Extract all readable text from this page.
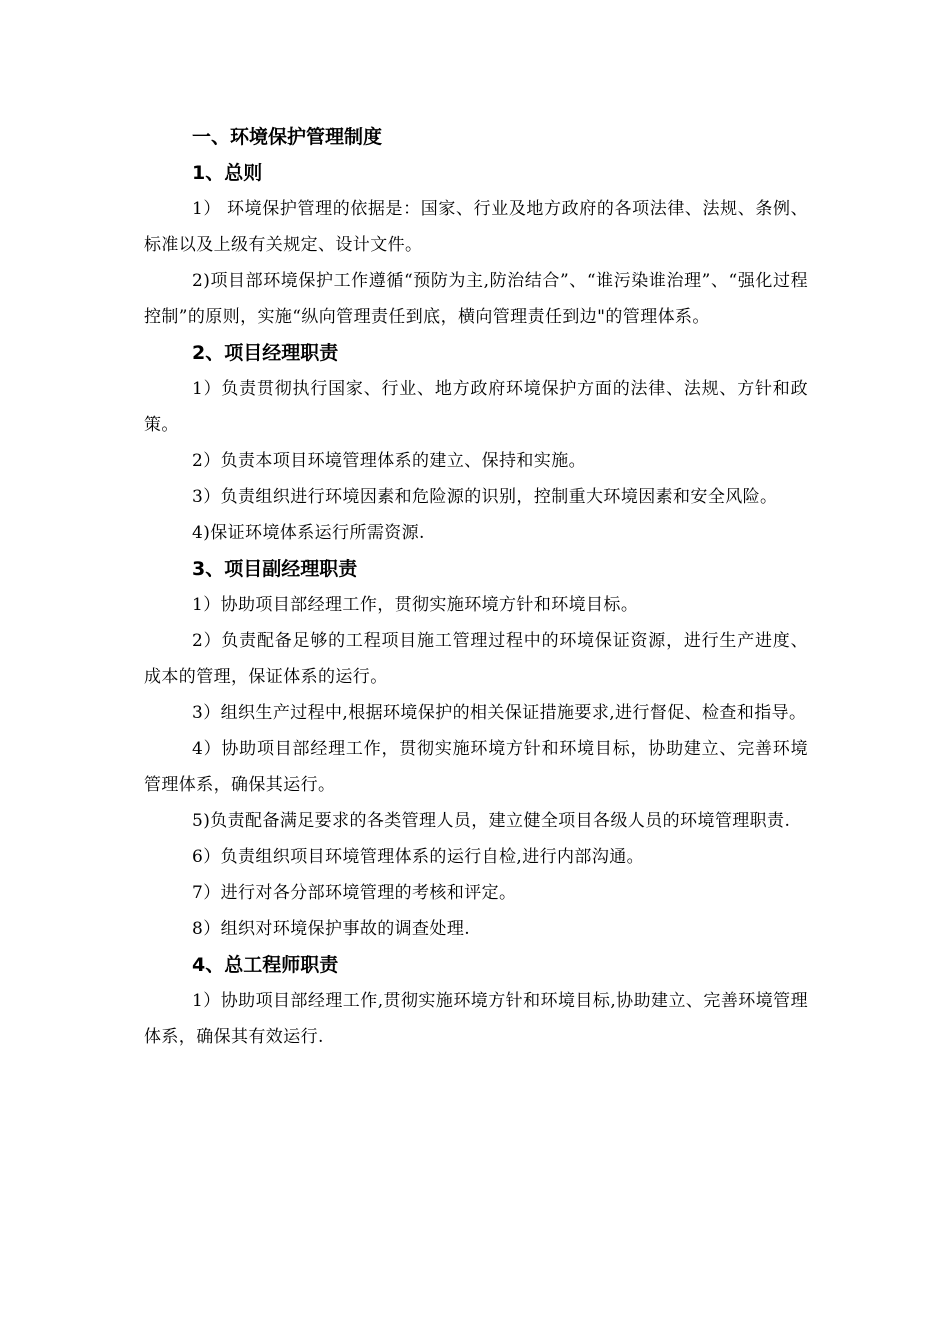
一、环境保护管理制度
1、总则

1） 环境保护管理的依据是：国家、行业及地方政府的各项法律、法规、条例、标准以及上级有关规定、设计文件。

2)项目部环境保护工作遵循“预防为主,防治结合”、“谁污染谁治理”、“强化过程控制”的原则，实施“纵向管理责任到底，横向管理责任到边"的管理体系。

2、项目经理职责

1）负责贯彻执行国家、行业、地方政府环境保护方面的法律、法规、方针和政策。

2）负责本项目环境管理体系的建立、保持和实施。

3）负责组织进行环境因素和危险源的识别，控制重大环境因素和安全风险。

4)保证环境体系运行所需资源.

3、项目副经理职责

1）协助项目部经理工作，贯彻实施环境方针和环境目标。

2）负责配备足够的工程项目施工管理过程中的环境保证资源，进行生产进度、成本的管理，保证体系的运行。

3）组织生产过程中,根据环境保护的相关保证措施要求,进行督促、检查和指导。

4）协助项目部经理工作，贯彻实施环境方针和环境目标，协助建立、完善环境管理体系，确保其运行。

5)负责配备满足要求的各类管理人员，建立健全项目各级人员的环境管理职责.

6）负责组织项目环境管理体系的运行自检,进行内部沟通。

7）进行对各分部环境管理的考核和评定。

8）组织对环境保护事故的调查处理.

4、总工程师职责

1）协助项目部经理工作,贯彻实施环境方针和环境目标,协助建立、完善环境管理体系，确保其有效运行.
